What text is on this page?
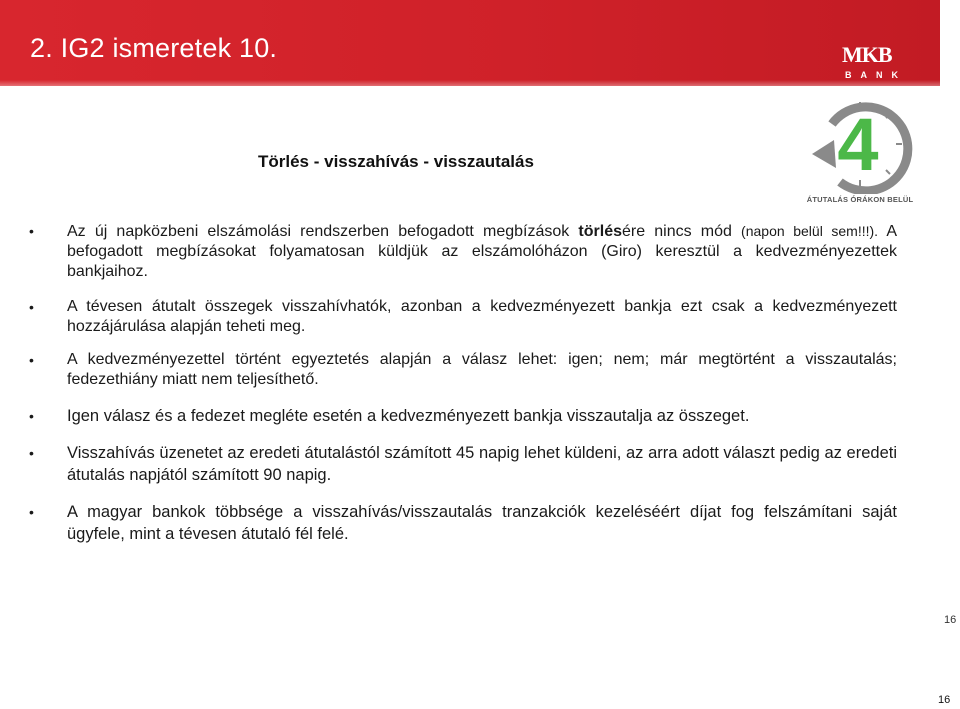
2. IG2 ismeretek 10.	MKB
BANK
4
ÁTUTALÁS ÓRÁKON BELÜL
Törlés - visszahívás - visszautalás
• Az új napközbeni elszámolási rendszerben befogadott megbízások törlésére nincs mód (napon belül sem!!!). A befogadott megbízásokat folyamatosan küldjük az elszámolóházon (Giro) keresztül a kedvezményezettek bankjaihoz.
• A tévesen átutalt összegek visszahívhatók, azonban a kedvezményezett bankja ezt csak a kedvezményezett hozzájárulása alapján teheti meg.
• A kedvezményezettel történt egyeztetés alapján a válasz lehet: igen; nem; már megtörtént a visszautalás; fedezethiány miatt nem teljesíthető.
• Igen válasz és a fedezet megléte esetén a kedvezményezett bankja visszautalja az összeget.
• Visszahívás üzenetet az eredeti átutalástól számított 45 napig lehet küldeni, az arra adott választ pedig az eredeti átutalás napjától számított 90 napig.
• A magyar bankok többsége a visszahívás/visszautalás tranzakciók kezeléséért díjat fog felszámítani saját ügyfele, mint a tévesen átutaló fél felé.
16
16
